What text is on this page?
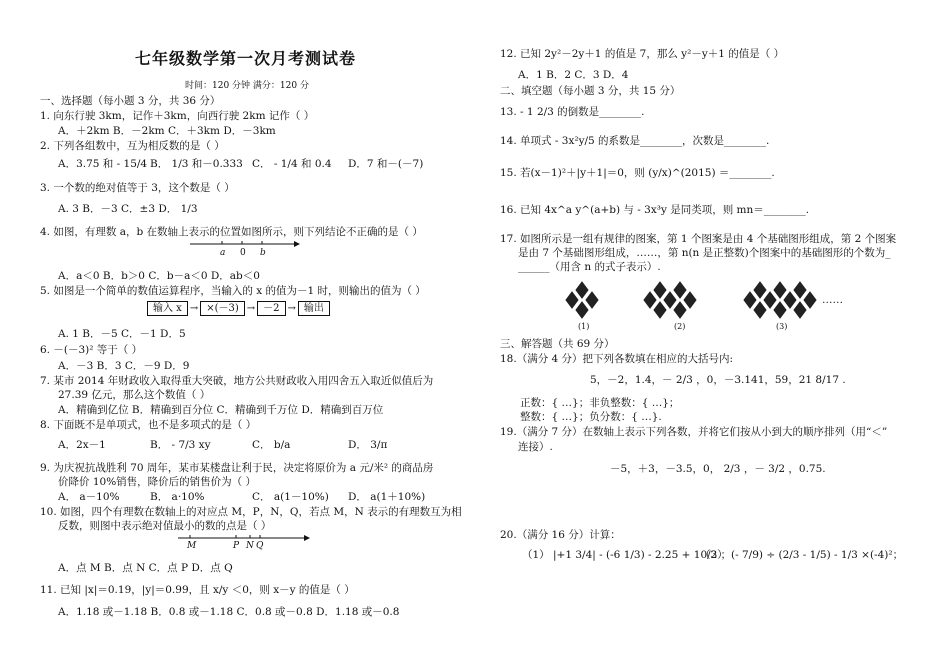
七年级数学第一次月考测试卷
时间：120 分钟 满分：120 分
一、选择题（每小题 3 分，共 36 分）
1. 向东行驶 3km，记作＋3km，向西行驶 2km 记作（ ）
A．＋2km B．－2km C．＋3km D．－3km
2. 下列各组数中，互为相反数的是（ ）
A．3.75 和 - 15/4 B． 1/3 和－0.333 C． - 1/4 和 0.4 D．7 和－(－7)
3. 一个数的绝对值等于 3，这个数是（ ）
A. 3 B．－3 C．±3 D． 1/3
4. 如图，有理数 a，b 在数轴上表示的位置如图所示，则下列结论不正确的是（ ）
a 0 b
A．a＜0 B．b＞0 C．b－a＜0 D．ab＜0
5. 如图是一个简单的数值运算程序，当输入的 x 的值为－1 时，则输出的值为（ ）
输入 x → ×(－3) → －2 → 输出
A. 1 B．－5 C．－1 D．5
6. －(－3)² 等于（ ）
A．－3 B．3 C．－9 D．9
7. 某市 2014 年财政收入取得重大突破，地方公共财政收入用四舍五入取近似值后为
27.39 亿元，那么这个数值（ ）
A．精确到亿位 B．精确到百分位 C．精确到千万位 D．精确到百万位
8. 下面既不是单项式，也不是多项式的是（ ）
A．2x－1	B． - 7/3 xy	C． b/a	D． 3/π
9. 为庆祝抗战胜利 70 周年，某市某楼盘让利于民，决定将原价为 a 元/米² 的商品房
价降价 10%销售，降价后的销售价为（ ）
A． a－10%	B． a·10%	C． a(1－10%) D． a(1＋10%)
10. 如图，四个有理数在数轴上的对应点 M，P，N，Q，若点 M，N 表示的有理数互为相
反数，则图中表示绝对值最小的数的点是（ ）
M	P N Q
A．点 M B．点 N C．点 P D．点 Q
11. 已知 |x|＝0.19，|y|＝0.99，且 x/y ＜0，则 x－y 的值是（ ）
A．1.18 或－1.18 B．0.8 或－1.18 C．0.8 或－0.8 D．1.18 或－0.8
12. 已知 2y²－2y＋1 的值是 7，那么 y²－y＋1 的值是（ ）
A．1 B．2 C．3 D．4
二、填空题（每小题 3 分，共 15 分）
13. - 1 2/3 的倒数是________.
14. 单项式 - 3x²y/5 的系数是________，次数是________.
15. 若(x－1)²＋|y＋1|＝0，则 (y/x)^(2015) ＝________.
16. 已知 4x^a y^(a+b) 与 - 3x³y 是同类项，则 mn＝________.
17. 如图所示是一组有规律的图案，第 1 个图案是由 4 个基础图形组成，第 2 个图案
是由 7 个基础图形组成，……，第 n(n 是正整数)个图案中的基础图形的个数为_
______（用含 n 的式子表示）.
(1)	(2)	(3)
……
三、解答题（共 69 分）
18.（满分 4 分）把下列各数填在相应的大括号内:
5，－2，1.4，－ 2/3 ，0，－3.141，59，21 8/17 .
正数：{ …}；非负整数：{ …}；
整数：{ …}；负分数：{ …}.
19.（满分 7 分）在数轴上表示下列各数，并将它们按从小到大的顺序排列（用“＜”
连接）.
－5，＋3，－3.5，0， 2/3 ，－ 3/2 ，0.75.
20.（满分 16 分）计算：
（1） |+1 3/4| - (-6 1/3) - 2.25 + 10/3 ；
（2） (- 7/9) ÷ (2/3 - 1/5) - 1/3 ×(-4)²；
